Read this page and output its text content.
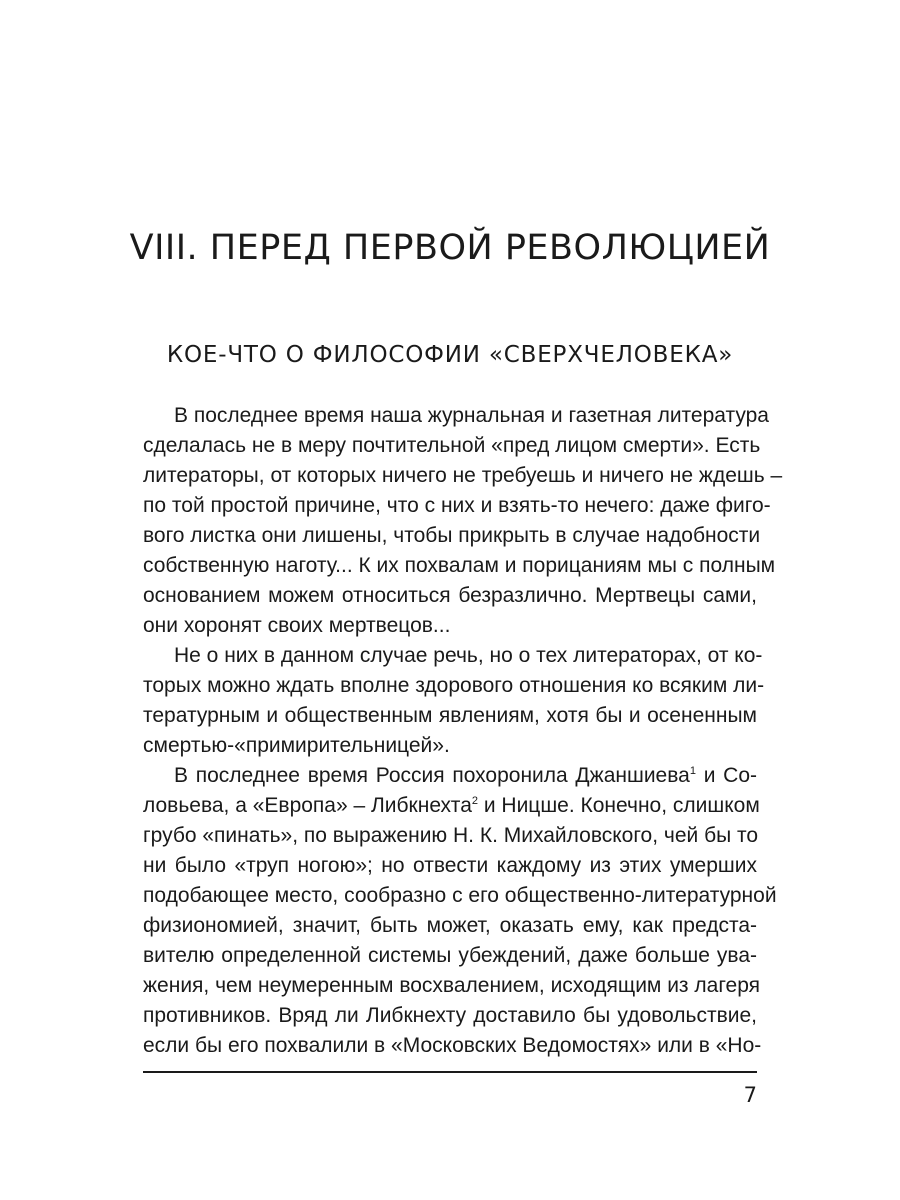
VIII. ПЕРЕД ПЕРВОЙ РЕВОЛЮЦИЕЙ
КОЕ-ЧТО О ФИЛОСОФИИ «СВЕРХЧЕЛОВЕКА»
В последнее время наша журнальная и газетная литература
сделалась не в меру почтительной «пред лицом смерти». Есть
литераторы, от которых ничего не требуешь и ничего не ждешь –
по той простой причине, что с них и взять-то нечего: даже фиго-
вого листка они лишены, чтобы прикрыть в случае надобности
собственную наготу... К их похвалам и порицаниям мы с полным
основанием можем относиться безразлично. Мертвецы сами,
они хоронят своих мертвецов...
Не о них в данном случае речь, но о тех литераторах, от ко-
торых можно ждать вполне здорового отношения ко всяким ли-
тературным и общественным явлениям, хотя бы и осененным
смертью-«примирительницей».
В последнее время Россия похоронила Джаншиева$^1$ и Со-
ловьева, а «Европа» – Либкнехта$^2$ и Ницше. Конечно, слишком
грубо «пинать», по выражению Н. К. Михайловского, чей бы то
ни было «труп ногою»; но отвести каждому из этих умерших
подобающее место, сообразно с его общественно-литературной
физиономией, значит, быть может, оказать ему, как предста-
вителю определенной системы убеждений, даже больше ува-
жения, чем неумеренным восхвалением, исходящим из лагеря
противников. Вряд ли Либкнехту доставило бы удовольствие,
если бы его похвалили в «Московских Ведомостях» или в «Но-
7
